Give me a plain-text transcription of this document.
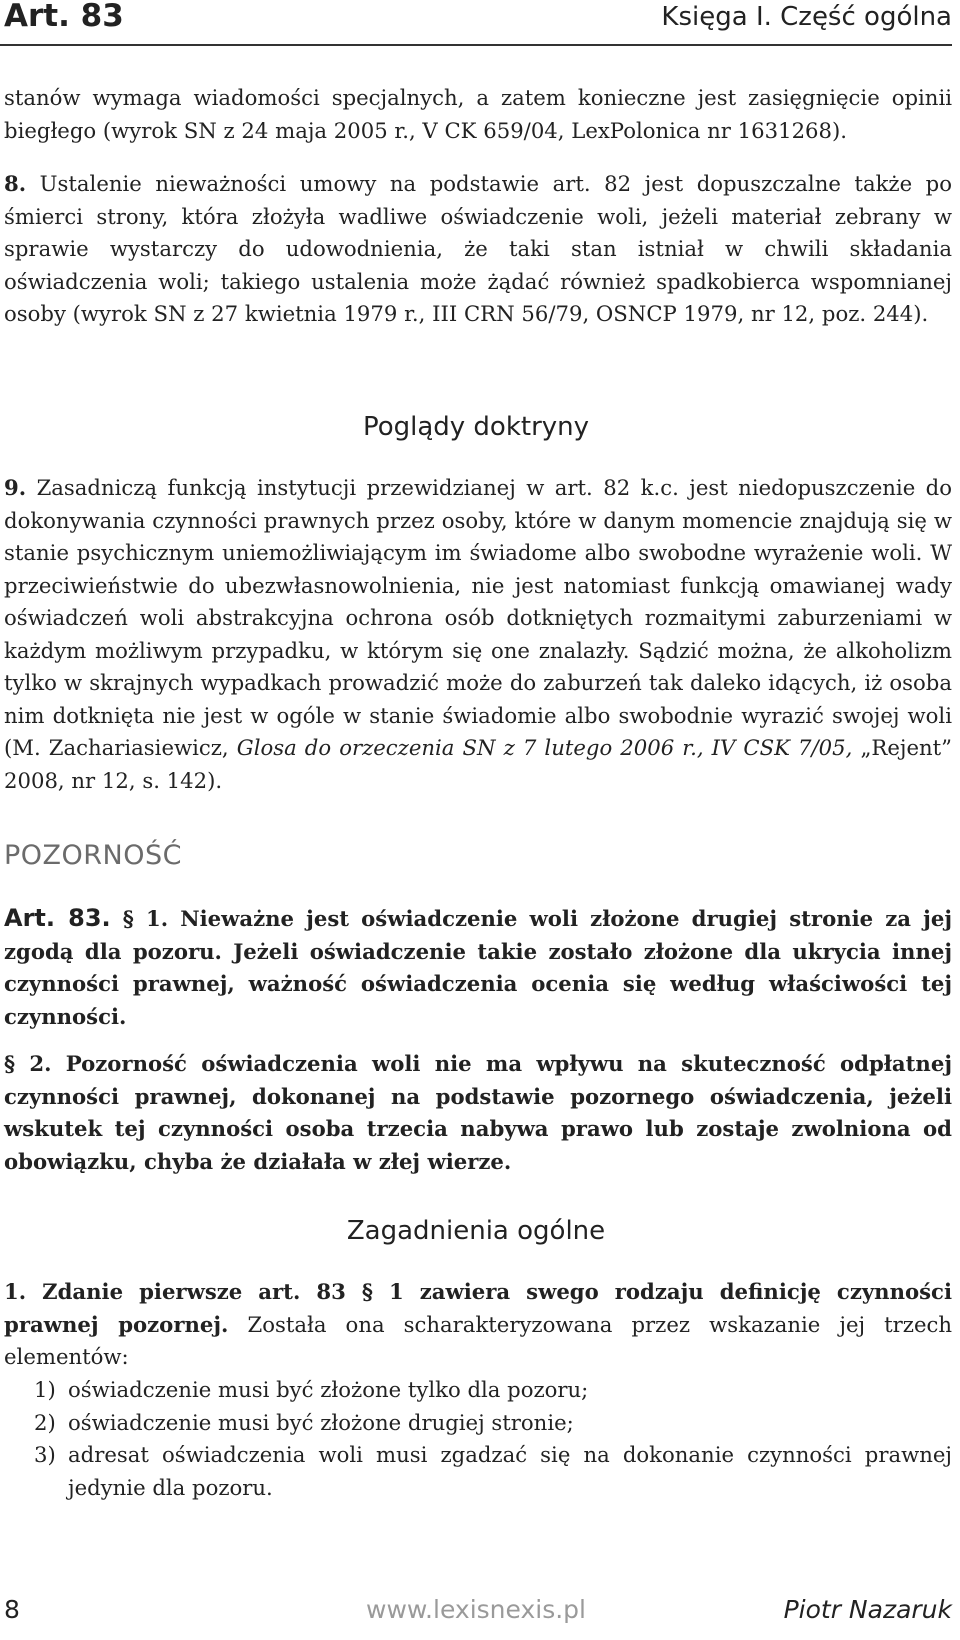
Art. 83	Księga I. Część ogólna

stanów wymaga wiadomości specjalnych, a zatem konieczne jest zasięgnięcie opinii biegłego (wyrok SN z 24 maja 2005 r., V CK 659/04, LexPolonica nr 1631268).

8. Ustalenie nieważności umowy na podstawie art. 82 jest dopuszczalne także po śmierci strony, która złożyła wadliwe oświadczenie woli, jeżeli materiał zebrany w sprawie wystarczy do udowodnienia, że taki stan istniał w chwili składania oświadczenia woli; takiego ustalenia może żądać również spadkobierca wspomnianej osoby (wyrok SN z 27 kwietnia 1979 r., III CRN 56/79, OSNCP 1979, nr 12, poz. 244).

Poglądy doktryny

9. Zasadniczą funkcją instytucji przewidzianej w art. 82 k.c. jest niedopuszczenie do dokonywania czynności prawnych przez osoby, które w danym momencie znajdują się w stanie psychicznym uniemożliwiającym im świadome albo swobodne wyrażenie woli. W przeciwieństwie do ubezwłasnowolnienia, nie jest natomiast funkcją omawianej wady oświadczeń woli abstrakcyjna ochrona osób dotkniętych rozmaitymi zaburzeniami w każdym możliwym przypadku, w którym się one znalazły. Sądzić można, że alkoholizm tylko w skrajnych wypadkach prowadzić może do zaburzeń tak daleko idących, iż osoba nim dotknięta nie jest w ogóle w stanie świadomie albo swobodnie wyrazić swojej woli (M. Zachariasiewicz, Glosa do orzeczenia SN z 7 lutego 2006 r., IV CSK 7/05, „Rejent” 2008, nr 12, s. 142).

POZORNOŚĆ

Art. 83. § 1. Nieważne jest oświadczenie woli złożone drugiej stronie za jej zgodą dla pozoru. Jeżeli oświadczenie takie zostało złożone dla ukrycia innej czynności prawnej, ważność oświadczenia ocenia się według właściwości tej czynności.

§ 2. Pozorność oświadczenia woli nie ma wpływu na skuteczność odpłatnej czynności prawnej, dokonanej na podstawie pozornego oświadczenia, jeżeli wskutek tej czynności osoba trzecia nabywa prawo lub zostaje zwolniona od obowiązku, chyba że działała w złej wierze.

Zagadnienia ogólne

1. Zdanie pierwsze art. 83 § 1 zawiera swego rodzaju definicję czynności prawnej pozornej. Została ona scharakteryzowana przez wskazanie jej trzech elementów:

1) oświadczenie musi być złożone tylko dla pozoru;
2) oświadczenie musi być złożone drugiej stronie;
3) adresat oświadczenia woli musi zgadzać się na dokonanie czynności prawnej jedynie dla pozoru.
8	www.lexisnexis.pl	Piotr Nazaruk
